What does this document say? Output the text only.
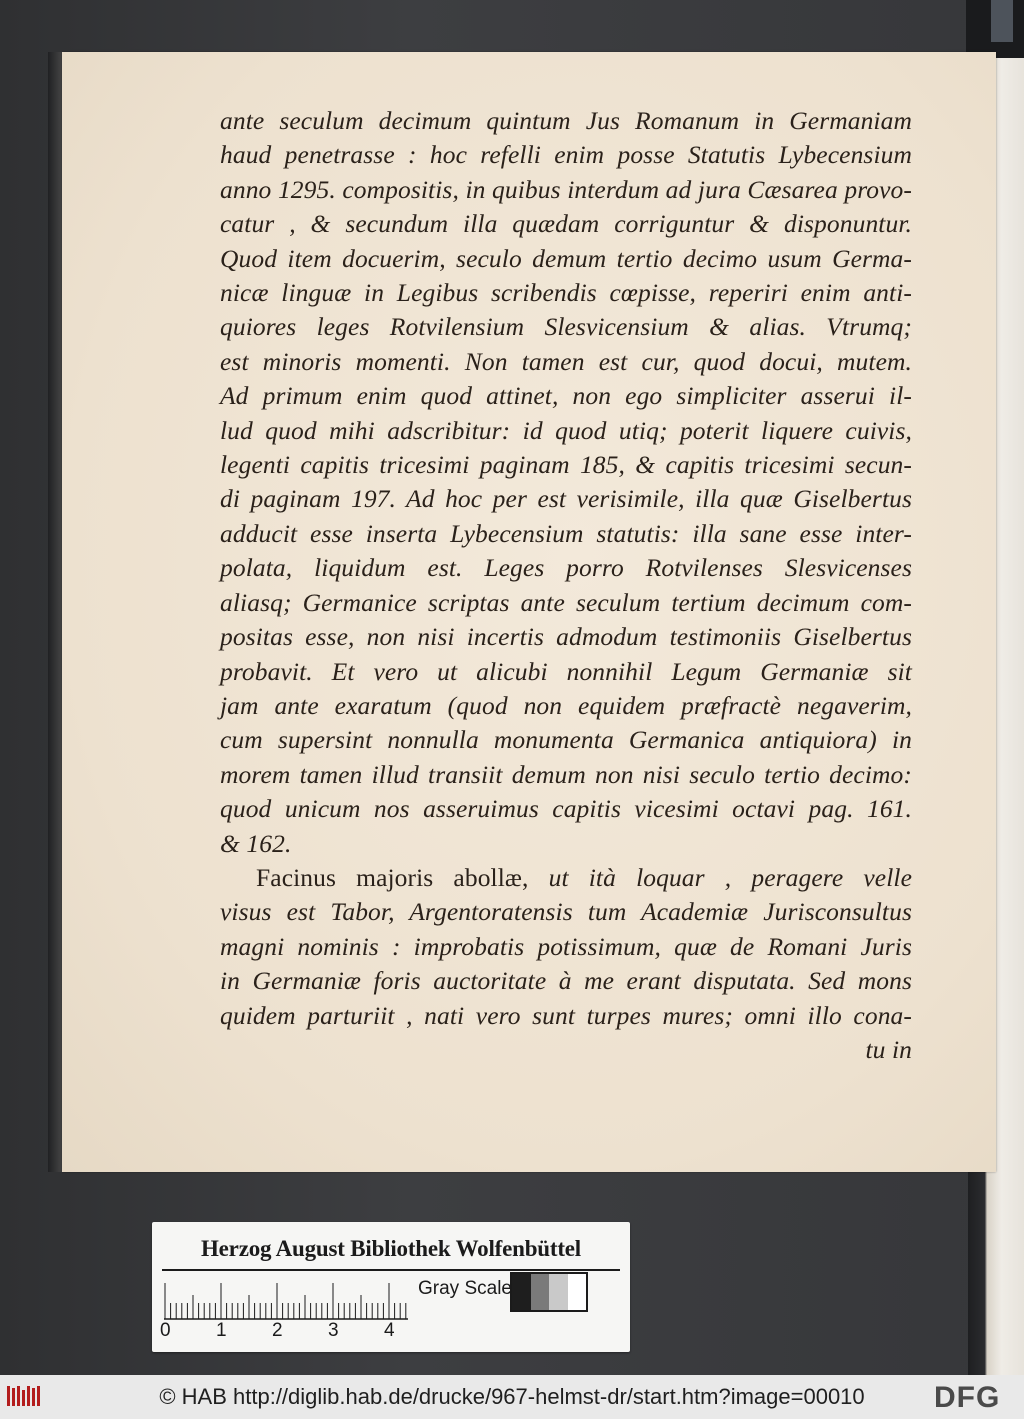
ante seculum decimum quintum Jus Romanum in Germaniam
haud penetrasse : hoc refelli enim posse Statutis Lybecensium
anno 1295. compositis, in quibus interdum ad jura Cæsarea provo-
catur , & secundum illa quædam corriguntur & disponuntur.
Quod item docuerim, seculo demum tertio decimo usum Germa-
nicæ linguæ in Legibus scribendis cœpisse, reperiri enim anti-
quiores leges Rotvilensium Slesvicensium & alias. Vtrumq;
est minoris momenti. Non tamen est cur, quod docui, mutem.
Ad primum enim quod attinet, non ego simpliciter asserui il-
lud quod mihi adscribitur: id quod utiq; poterit liquere cuivis,
legenti capitis tricesimi paginam 185, & capitis tricesimi secun-
di paginam 197. Ad hoc per est verisimile, illa quæ Giselbertus
adducit esse inserta Lybecensium statutis: illa sane esse inter-
polata, liquidum est. Leges porro Rotvilenses Slesvicenses
aliasq; Germanice scriptas ante seculum tertium decimum com-
positas esse, non nisi incertis admodum testimoniis Giselbertus
probavit. Et vero ut alicubi nonnihil Legum Germaniæ sit
jam ante exaratum (quod non equidem præfractè negaverim,
cum supersint nonnulla monumenta Germanica antiquiora) in
morem tamen illud transiit demum non nisi seculo tertio decimo:
quod unicum nos asseruimus capitis vicesimi octavi pag. 161.
& 162.
Facinus majoris abollæ, ut ità loquar , peragere velle
visus est Tabor, Argentoratensis tum Academiæ Jurisconsultus
magni nominis : improbatis potissimum, quæ de Romani Juris
in Germaniæ foris auctoritate à me erant disputata. Sed mons
quidem parturiit , nati vero sunt turpes mures; omni illo cona-
tu in
Herzog August Bibliothek Wolfenbüttel
0 1 2 3 4
Gray Scale
© HAB http://diglib.hab.de/drucke/967-helmst-dr/start.htm?image=00010	DFG
